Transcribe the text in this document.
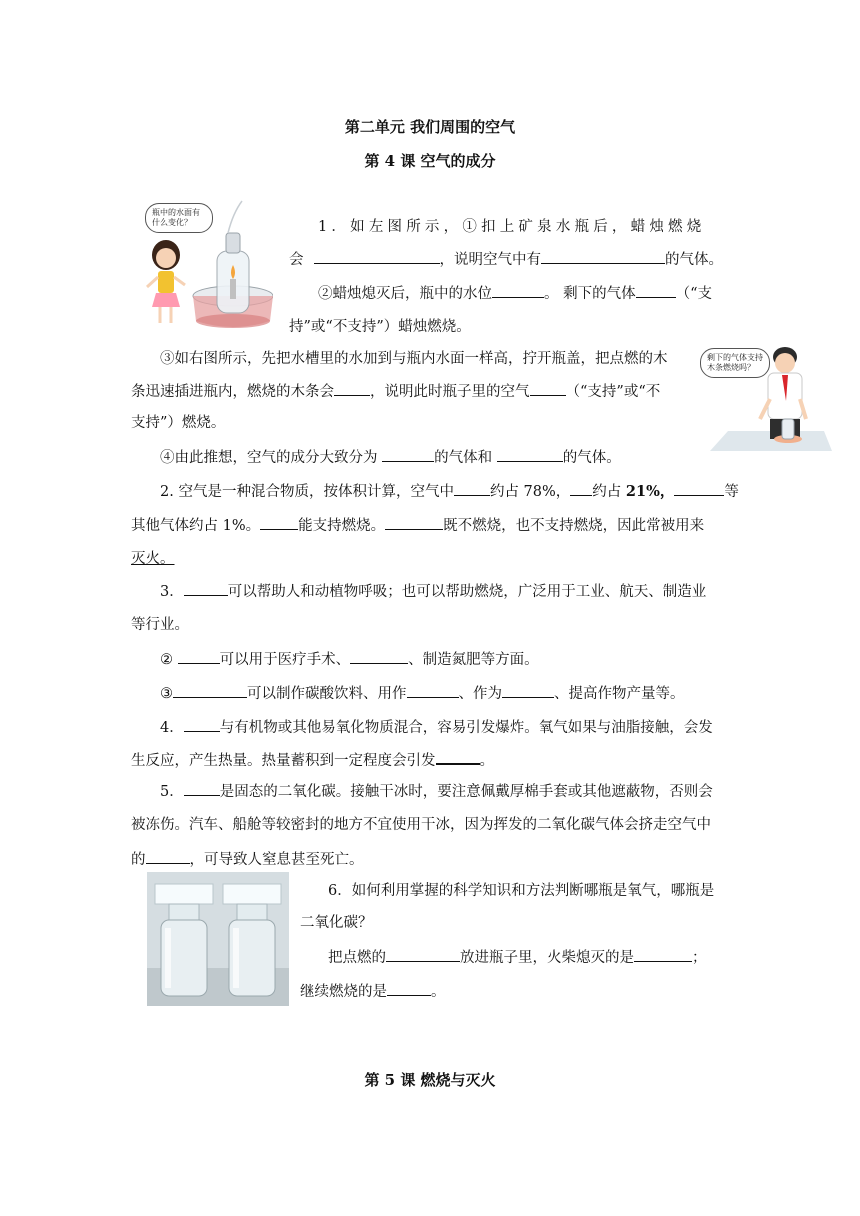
第二单元 我们周围的空气
第 4 课 空气的成分
瓶中的水面有什么变化？
剩下的气体支持木条燃烧吗？
1．如左图所示，①扣上矿泉水瓶后，蜡烛燃烧
会	，说明空气中有	的气体。
②蜡烛熄灭后，瓶中的水位	。 剩下的气体	（“支
持”或“不支持”）蜡烛燃烧。
③如右图所示，先把水槽里的水加到与瓶内水面一样高，拧开瓶盖，把点燃的木
条迅速插进瓶内，燃烧的木条会 ，说明此时瓶子里的空气 （“支持”或“不
支持”）燃烧。
④由此推想，空气的成分大致分为	的气体和	的气体。
2. 空气是一种混合物质，按体积计算，空气中 约占 78%， 约占 21%，	等
其他气体约占 1%。	能支持燃烧。	既不燃烧，也不支持燃烧，因此常被用来
灭火。
3．	可以帮助人和动植物呼吸；也可以帮助燃烧，广泛用于工业、航天、制造业
等行业。
②	可以用于医疗手术、	、制造氮肥等方面。
③	可以制作碳酸饮料、用作	、作为	、提高作物产量等。
4． 与有机物或其他易氧化物质混合，容易引发爆炸。氧气如果与油脂接触，会发
生反应，产生热量。热量蓄积到一定程度会引发	。
5． 是固态的二氧化碳。接触干冰时，要注意佩戴厚棉手套或其他遮蔽物，否则会
被冻伤。汽车、船舱等较密封的地方不宜使用干冰，因为挥发的二氧化碳气体会挤走空气中
的	，可导致人窒息甚至死亡。
6．如何利用掌握的科学知识和方法判断哪瓶是氧气，哪瓶是
二氧化碳？
把点燃的	放进瓶子里，火柴熄灭的是	；
继续燃烧的是	。
第 5 课 燃烧与灭火
